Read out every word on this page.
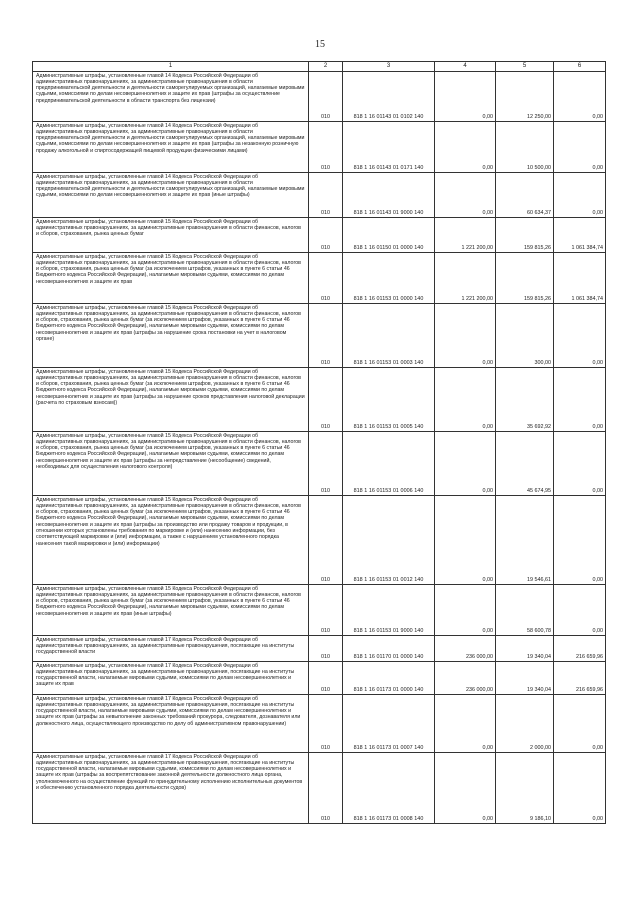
15
1	2	3	4	5	6
Административные штрафы, установленные главой 14 Кодекса Российской Федерации об административных правонарушениях, за административные правонарушения в области предпринимательской деятельности и деятельности саморегулируемых организаций, налагаемые мировыми судьями, комиссиями по делам несовершеннолетних и защите их прав (штрафы за осуществление предпринимательской деятельности в области транспорта без лицензии)	010	818 1 16 01143 01 0102 140	0,00	12 250,00	0,00
Административные штрафы, установленные главой 14 Кодекса Российской Федерации об административных правонарушениях, за административные правонарушения в области предпринимательской деятельности и деятельности саморегулируемых организаций, налагаемые мировыми судьями, комиссиями по делам несовершеннолетних и защите их прав (штрафы за незаконную розничную продажу алкогольной и спиртосодержащей пищевой продукции физическими лицами)	010	818 1 16 01143 01 0171 140	0,00	10 500,00	0,00
Административные штрафы, установленные главой 14 Кодекса Российской Федерации об административных правонарушениях, за административные правонарушения в области предпринимательской деятельности и деятельности саморегулируемых организаций, налагаемые мировыми судьями, комиссиями по делам несовершеннолетних и защите их прав (иные штрафы)	010	818 1 16 01143 01 9000 140	0,00	60 634,37	0,00
Административные штрафы, установленные главой 15 Кодекса Российской Федерации об административных правонарушениях, за административные правонарушения в области финансов, налогов и сборов, страхования, рынка ценных бумаг	010	818 1 16 01150 01 0000 140	1 221 200,00	159 815,26	1 061 384,74
Административные штрафы, установленные главой 15 Кодекса Российской Федерации об административных правонарушениях, за административные правонарушения в области финансов, налогов и сборов, страхования, рынка ценных бумаг (за исключением штрафов, указанных в пункте 6 статьи 46 Бюджетного кодекса Российской Федерации), налагаемые мировыми судьями, комиссиями по делам несовершеннолетних и защите их прав	010	818 1 16 01153 01 0000 140	1 221 200,00	159 815,26	1 061 384,74
Административные штрафы, установленные главой 15 Кодекса Российской Федерации об административных правонарушениях, за административные правонарушения в области финансов, налогов и сборов, страхования, рынка ценных бумаг (за исключением штрафов, указанных в пункте 6 статьи 46 Бюджетного кодекса Российской Федерации), налагаемые мировыми судьями, комиссиями по делам несовершеннолетних и защите их прав (штрафы за нарушение срока постановки на учет в налоговом органе)	010	818 1 16 01153 01 0003 140	0,00	300,00	0,00
Административные штрафы, установленные главой 15 Кодекса Российской Федерации об административных правонарушениях, за административные правонарушения в области финансов, налогов и сборов, страхования, рынка ценных бумаг (за исключением штрафов, указанных в пункте 6 статьи 46 Бюджетного кодекса Российской Федерации), налагаемые мировыми судьями, комиссиями по делам несовершеннолетних и защите их прав (штрафы за нарушение сроков представления налоговой декларации (расчета по страховым взносам))	010	818 1 16 01153 01 0005 140	0,00	35 692,92	0,00
Административные штрафы, установленные главой 15 Кодекса Российской Федерации об административных правонарушениях, за административные правонарушения в области финансов, налогов и сборов, страхования, рынка ценных бумаг (за исключением штрафов, указанных в пункте 6 статьи 46 Бюджетного кодекса Российской Федерации), налагаемые мировыми судьями, комиссиями по делам несовершеннолетних и защите их прав (штрафы за непредставление (несообщение) сведений, необходимых для осуществления налогового контроля)	010	818 1 16 01153 01 0006 140	0,00	45 674,95	0,00
Административные штрафы, установленные главой 15 Кодекса Российской Федерации об административных правонарушениях, за административные правонарушения в области финансов, налогов и сборов, страхования, рынка ценных бумаг (за исключением штрафов, указанных в пункте 6 статьи 46 Бюджетного кодекса Российской Федерации), налагаемые мировыми судьями, комиссиями по делам несовершеннолетних и защите их прав (штрафы за производство или продажу товаров и продукции, в отношении которых установлены требования по маркировке и (или) нанесению информации, без соответствующей маркировки и (или) информации, а также с нарушением установленного порядка нанесения такой маркировки и (или) информации)	010	818 1 16 01153 01 0012 140	0,00	19 546,61	0,00
Административные штрафы, установленные главой 15 Кодекса Российской Федерации об административных правонарушениях, за административные правонарушения в области финансов, налогов и сборов, страхования, рынка ценных бумаг (за исключением штрафов, указанных в пункте 6 статьи 46 Бюджетного кодекса Российской Федерации), налагаемые мировыми судьями, комиссиями по делам несовершеннолетних и защите их прав (иные штрафы)	010	818 1 16 01153 01 9000 140	0,00	58 600,78	0,00
Административные штрафы, установленные главой 17 Кодекса Российской Федерации об административных правонарушениях, за административные правонарушения, посягающие на институты государственной власти	010	818 1 16 01170 01 0000 140	236 000,00	19 340,04	216 659,96
Административные штрафы, установленные главой 17 Кодекса Российской Федерации об административных правонарушениях, за административные правонарушения, посягающие на институты государственной власти, налагаемые мировыми судьями, комиссиями по делам несовершеннолетних и защите их прав	010	818 1 16 01173 01 0000 140	236 000,00	19 340,04	216 659,96
Административные штрафы, установленные главой 17 Кодекса Российской Федерации об административных правонарушениях, за административные правонарушения, посягающие на институты государственной власти, налагаемые мировыми судьями, комиссиями по делам несовершеннолетних и защите их прав (штрафы за невыполнение законных требований прокурора, следователя, дознавателя или должностного лица, осуществляющего производство по делу об административном правонарушении)	010	818 1 16 01173 01 0007 140	0,00	2 000,00	0,00
Административные штрафы, установленные главой 17 Кодекса Российской Федерации об административных правонарушениях, за административные правонарушения, посягающие на институты государственной власти, налагаемые мировыми судьями, комиссиями по делам несовершеннолетних и защите их прав (штрафы за воспрепятствование законной деятельности должностного лица органа, уполномоченного на осуществление функций по принудительному исполнению исполнительных документов и обеспечению установленного порядка деятельности судов)	010	818 1 16 01173 01 0008 140	0,00	9 186,10	0,00
